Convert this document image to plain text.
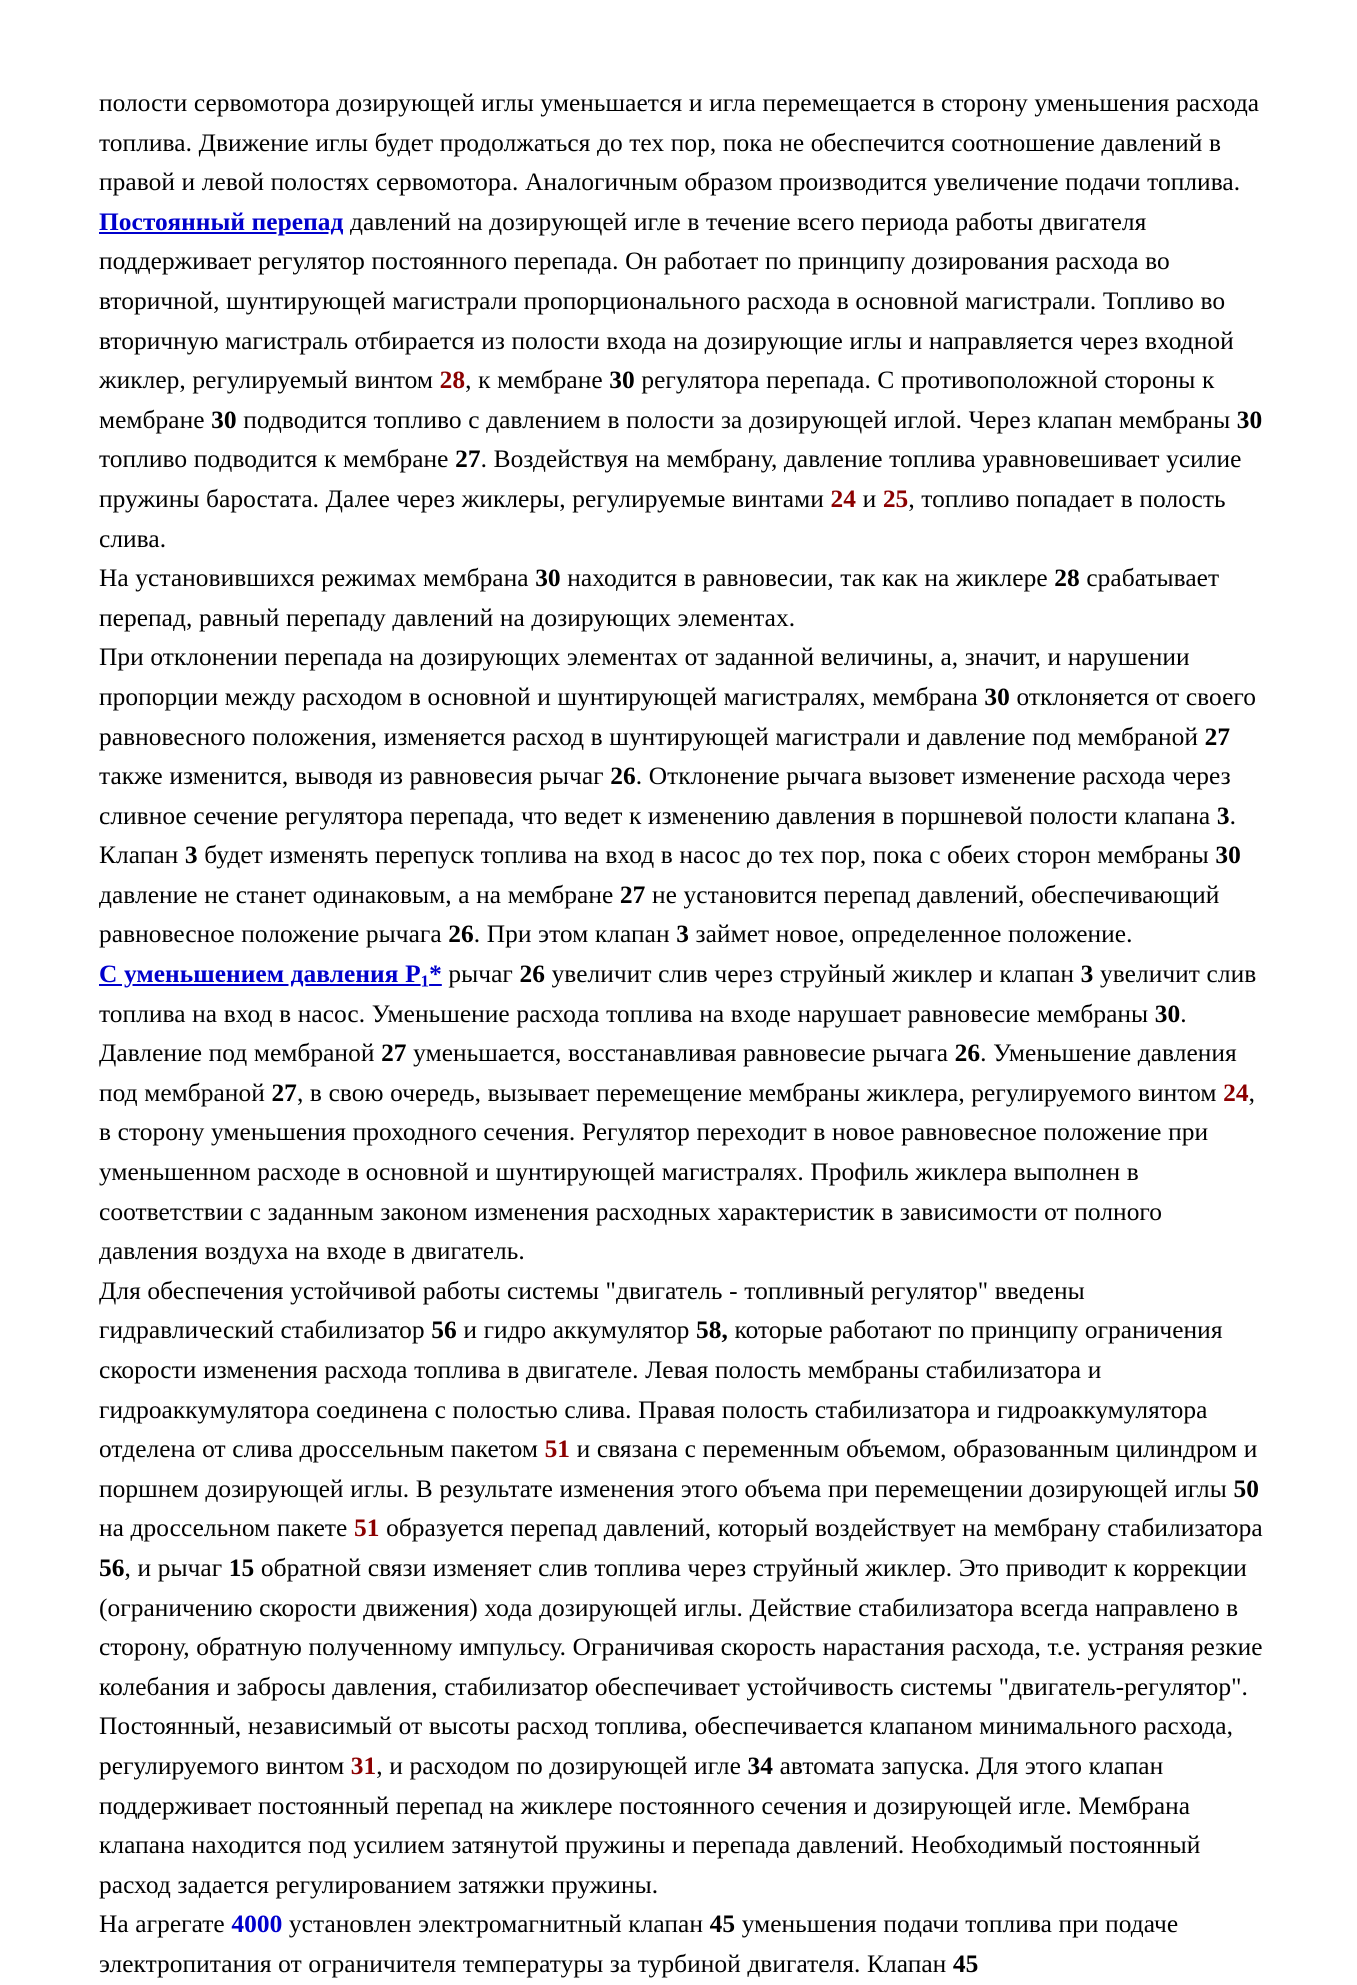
полости сервомотора дозирующей иглы уменьшается и игла перемещается в сторону уменьшения расхода топлива. Движение иглы будет продолжаться до тех пор, пока не обеспечится соотношение давлений в правой и левой полостях сервомотора. Аналогичным образом производится увеличение подачи топлива.

Постоянный перепад давлений на дозирующей игле в течение всего периода работы двигателя поддерживает регулятор постоянного перепада. Он работает по принципу дозирования расхода во вторичной, шунтирующей магистрали пропорционального расхода в основной магистрали. Топливо во вторичную магистраль отбирается из полости входа на дозирующие иглы и направляется через входной жиклер, регулируемый винтом 28, к мембране 30 регулятора перепада. С противоположной стороны к мембране 30 подводится топливо с давлением в полости за дозирующей иглой. Через клапан мембраны 30 топливо подводится к мембране 27. Воздействуя на мембрану, давление топлива уравновешивает усилие пружины баростата. Далее через жиклеры, регулируемые винтами 24 и 25, топливо попадает в полость слива.

На установившихся режимах мембрана 30 находится в равновесии, так как на жиклере 28 срабатывает перепад, равный перепаду давлений на дозирующих элементах.

При отклонении перепада на дозирующих элементах от заданной величины, а, значит, и нарушении пропорции между расходом в основной и шунтирующей магистралях, мембрана 30 отклоняется от своего равновесного положения, изменяется расход в шунтирующей магистрали и давление под мембраной 27 также изменится, выводя из равновесия рычаг 26. Отклонение рычага вызовет изменение расхода через сливное сечение регулятора перепада, что ведет к изменению давления в поршневой полости клапана 3. Клапан 3 будет изменять перепуск топлива на вход в насос до тех пор, пока с обеих сторон мембраны 30 давление не станет одинаковым, а на мембране 27 не установится перепад давлений, обеспечивающий равновесное положение рычага 26. При этом клапан 3 займет новое, определенное положение.

С уменьшением давления $P_1*$ рычаг 26 увеличит слив через струйный жиклер и клапан 3 увеличит слив топлива на вход в насос. Уменьшение расхода топлива на входе нарушает равновесие мембраны 30. Давление под мембраной 27 уменьшается, восстанавливая равновесие рычага 26. Уменьшение давления под мембраной 27, в свою очередь, вызывает перемещение мембраны жиклера, регулируемого винтом 24, в сторону уменьшения проходного сечения. Регулятор переходит в новое равновесное положение при уменьшенном расходе в основной и шунтирующей магистралях. Профиль жиклера выполнен в соответствии с заданным законом изменения расходных характеристик в зависимости от полного давления воздуха на входе в двигатель.

Для обеспечения устойчивой работы системы "двигатель - топливный регулятор" введены гидравлический стабилизатор 56 и гидро аккумулятор 58, которые работают по принципу ограничения скорости изменения расхода топлива в двигателе. Левая полость мембраны стабилизатора и гидроаккумулятора соединена с полостью слива. Правая полость стабилизатора и гидроаккумулятора отделена от слива дроссельным пакетом 51 и связана с переменным объемом, образованным цилиндром и поршнем дозирующей иглы. В результате изменения этого объема при перемещении дозирующей иглы 50 на дроссельном пакете 51 образуется перепад давлений, который воздействует на мембрану стабилизатора 56, и рычаг 15 обратной связи изменяет слив топлива через струйный жиклер. Это приводит к коррекции (ограничению скорости движения) хода дозирующей иглы. Действие стабилизатора всегда направлено в сторону, обратную полученному импульсу. Ограничивая скорость нарастания расхода, т.е. устраняя резкие колебания и забросы давления, стабилизатор обеспечивает устойчивость системы "двигатель-регулятор".

Постоянный, независимый от высоты расход топлива, обеспечивается клапаном минимального расхода, регулируемого винтом 31, и расходом по дозирующей игле 34 автомата запуска. Для этого клапан поддерживает постоянный перепад на жиклере постоянного сечения и дозирующей игле. Мембрана клапана находится под усилием затянутой пружины и перепада давлений. Необходимый постоянный расход задается регулированием затяжки пружины.

На агрегате 4000 установлен электромагнитный клапан 45 уменьшения подачи топлива при подаче электропитания от ограничителя температуры за турбиной двигателя. Клапан 45
